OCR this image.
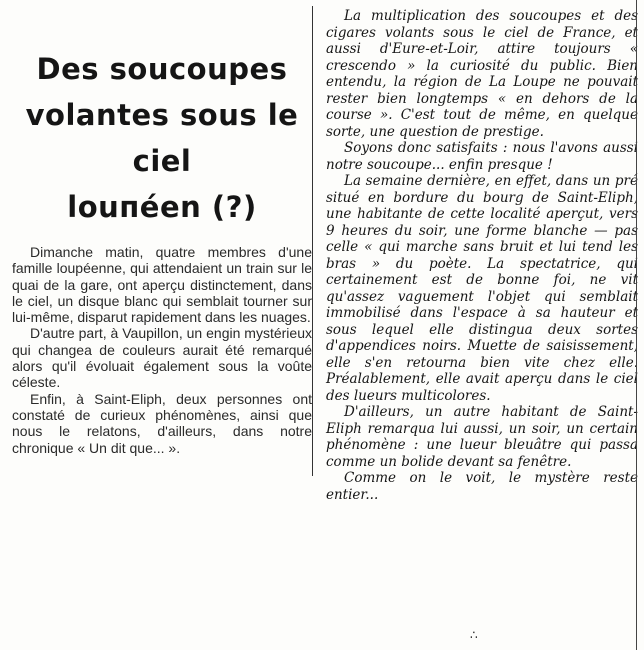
Des soucoupes
volantes sous le ciel
louпéen (?)

Dimanche matin, quatre membres d'une famille loupéenne, qui attendaient un train sur le quai de la gare, ont aperçu distinctement, dans le ciel, un disque blanc qui semblait tourner sur lui-même, disparut rapidement dans les nuages.

D'autre part, à Vaupillon, un engin mystérieux qui changea de couleurs aurait été remarqué alors qu'il évoluait également sous la voûte céleste.

Enfin, à Saint-Eliph, deux personnes ont constaté de curieux phénomènes, ainsi que nous le relatons, d'ailleurs, dans notre chronique « Un dit que... ».

La multiplication des soucoupes et des cigares volants sous le ciel de France, et aussi d'Eure-et-Loir, attire toujours « crescendo » la curiosité du public. Bien entendu, la région de La Loupe ne pouvait rester bien longtemps « en dehors de la course ». C'est tout de même, en quelque sorte, une question de prestige.

Soyons donc satisfaits : nous l'avons aussi notre soucoupe... enfin presque !

La semaine dernière, en effet, dans un pré situé en bordure du bourg de Saint-Eliph, une habitante de cette localité aperçut, vers 9 heures du soir, une forme blanche — pas celle « qui marche sans bruit et lui tend les bras » du poète. La spectatrice, qui certainement est de bonne foi, ne vit qu'assez vaguement l'objet qui semblait immobilisé dans l'espace à sa hauteur et sous lequel elle distingua deux sortes d'appendices noirs. Muette de saisissement, elle s'en retourna bien vite chez elle. Préalablement, elle avait aperçu dans le ciel des lueurs multicolores.

D'ailleurs, un autre habitant de Saint-Eliph remarqua lui aussi, un soir, un certain phénomène : une lueur bleuâtre qui passa comme un bolide devant sa fenêtre.

Comme on le voit, le mystère reste entier...

∴
